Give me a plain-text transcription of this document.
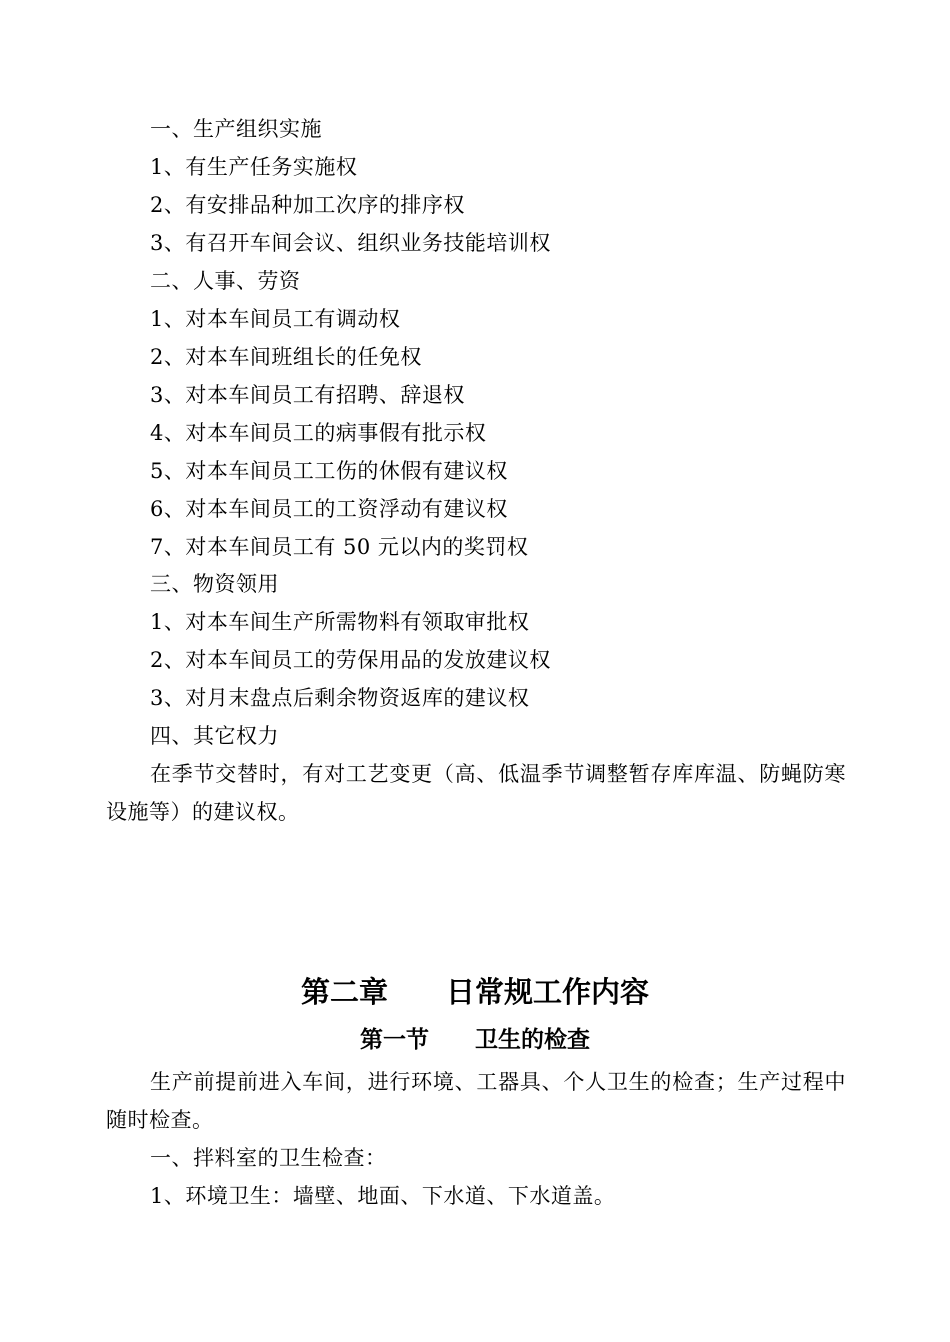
一、生产组织实施
1、有生产任务实施权
2、有安排品种加工次序的排序权
3、有召开车间会议、组织业务技能培训权
二、人事、劳资
1、对本车间员工有调动权
2、对本车间班组长的任免权
3、对本车间员工有招聘、辞退权
4、对本车间员工的病事假有批示权
5、对本车间员工工伤的休假有建议权
6、对本车间员工的工资浮动有建议权
7、对本车间员工有 50 元以内的奖罚权
三、物资领用
1、对本车间生产所需物料有领取审批权
2、对本车间员工的劳保用品的发放建议权
3、对月末盘点后剩余物资返库的建议权
四、其它权力
在季节交替时，有对工艺变更（高、低温季节调整暂存库库温、防蝇防寒设施等）的建议权。
第二章　　日常规工作内容
第一节　　卫生的检查
生产前提前进入车间，进行环境、工器具、个人卫生的检查；生产过程中随时检查。
一、拌料室的卫生检查：
1、环境卫生：墙壁、地面、下水道、下水道盖。
